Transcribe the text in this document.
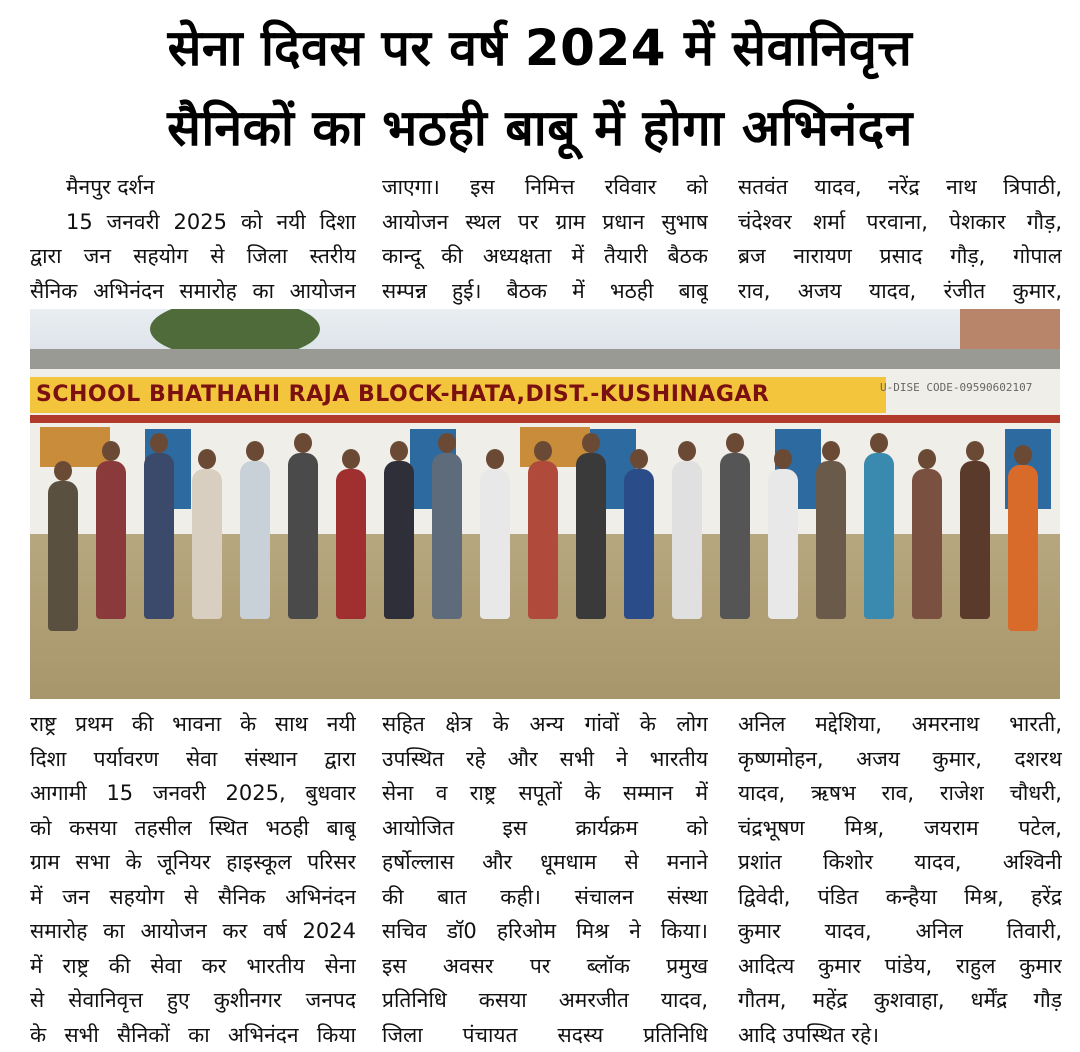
सेना दिवस पर वर्ष 2024 में सेवानिवृत्त
सैनिकों का भठही बाबू में होगा अभिनंदन

मैनपुर दर्शन

15 जनवरी 2025 को नयी दिशा

द्वारा जन सहयोग से जिला स्तरीय

सैनिक अभिनंदन समारोह का आयोजन

जाएगा। इस निमित्त रविवार को

आयोजन स्थल पर ग्राम प्रधान सुभाष

कान्दू की अध्यक्षता में तैयारी बैठक

सम्पन्न हुई। बैठक में भठही बाबू

सतवंत यादव, नरेंद्र नाथ त्रिपाठी,

चंदेश्वर शर्मा परवाना, पेशकार गौड़,

ब्रज नारायण प्रसाद गौड़, गोपाल

राव, अजय यादव, रंजीत कुमार,

SCHOOL BHATHAHI RAJA BLOCK-HATA,DIST.-KUSHINAGAR	U-DISE CODE-09590602107

राष्ट्र प्रथम की भावना के साथ नयी

दिशा पर्यावरण सेवा संस्थान द्वारा

आगामी 15 जनवरी 2025, बुधवार

को कसया तहसील स्थित भठही बाबू

ग्राम सभा के जूनियर हाइस्कूल परिसर

में जन सहयोग से सैनिक अभिनंदन

समारोह का आयोजन कर वर्ष 2024

में राष्ट्र की सेवा कर भारतीय सेना

से सेवानिवृत्त हुए कुशीनगर जनपद

के सभी सैनिकों का अभिनंदन किया

सहित क्षेत्र के अन्य गांवों के लोग

उपस्थित रहे और सभी ने भारतीय

सेना व राष्ट्र सपूतों के सम्मान में

आयोजित इस क्रार्यक्रम को

हर्षोल्लास और धूमधाम से मनाने

की बात कही। संचालन संस्था

सचिव डॉ0 हरिओम मिश्र ने किया।

इस अवसर पर ब्लॉक प्रमुख

प्रतिनिधि कसया अमरजीत यादव,

जिला पंचायत सदस्य प्रतिनिधि

अनिल मद्देशिया, अमरनाथ भारती,

कृष्णमोहन, अजय कुमार, दशरथ

यादव, ऋषभ राव, राजेश चौधरी,

चंद्रभूषण मिश्र, जयराम पटेल,

प्रशांत किशोर यादव, अश्विनी

द्विवेदी, पंडित कन्हैया मिश्र, हरेंद्र

कुमार यादव, अनिल तिवारी,

आदित्य कुमार पांडेय, राहुल कुमार

गौतम, महेंद्र कुशवाहा, धर्मेंद्र गौड़

आदि उपस्थित रहे।
